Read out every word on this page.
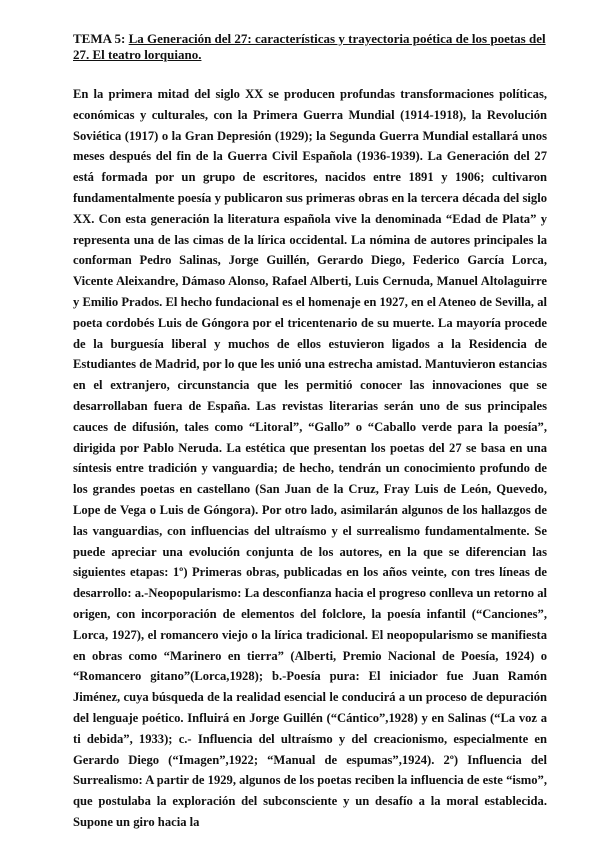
TEMA 5: La Generación del 27: características y trayectoria poética de los poetas del 27. El teatro lorquiano.

En la primera mitad del siglo XX se producen profundas transformaciones políticas, económicas y culturales, con la Primera Guerra Mundial (1914-1918), la Revolución Soviética (1917) o la Gran Depresión (1929); la Segunda Guerra Mundial estallará unos meses después del fin de la Guerra Civil Española (1936-1939). La Generación del 27 está formada por un grupo de escritores, nacidos entre 1891 y 1906; cultivaron fundamentalmente poesía y publicaron sus primeras obras en la tercera década del siglo XX. Con esta generación la literatura española vive la denominada “Edad de Plata” y representa una de las cimas de la lírica occidental. La nómina de autores principales la conforman Pedro Salinas, Jorge Guillén, Gerardo Diego, Federico García Lorca, Vicente Aleixandre, Dámaso Alonso, Rafael Alberti, Luis Cernuda, Manuel Altolaguirre y Emilio Prados. El hecho fundacional es el homenaje en 1927, en el Ateneo de Sevilla, al poeta cordobés Luis de Góngora por el tricentenario de su muerte. La mayoría procede de la burguesía liberal y muchos de ellos estuvieron ligados a la Residencia de Estudiantes de Madrid, por lo que les unió una estrecha amistad. Mantuvieron estancias en el extranjero, circunstancia que les permitió conocer las innovaciones que se desarrollaban fuera de España. Las revistas literarias serán uno de sus principales cauces de difusión, tales como “Litoral”, “Gallo” o “Caballo verde para la poesía”, dirigida por Pablo Neruda. La estética que presentan los poetas del 27 se basa en una síntesis entre tradición y vanguardia; de hecho, tendrán un conocimiento profundo de los grandes poetas en castellano (San Juan de la Cruz, Fray Luis de León, Quevedo, Lope de Vega o Luis de Góngora). Por otro lado, asimilarán algunos de los hallazgos de las vanguardias, con influencias del ultraísmo y el surrealismo fundamentalmente. Se puede apreciar una evolución conjunta de los autores, en la que se diferencian las siguientes etapas: 1º) Primeras obras, publicadas en los años veinte, con tres líneas de desarrollo: a.-Neopopularismo: La desconfianza hacia el progreso conlleva un retorno al origen, con incorporación de elementos del folclore, la poesía infantil (“Canciones”, Lorca, 1927), el romancero viejo o la lírica tradicional. El neopopularismo se manifiesta en obras como “Marinero en tierra” (Alberti, Premio Nacional de Poesía, 1924) o “Romancero gitano”(Lorca,1928); b.-Poesía pura: El iniciador fue Juan Ramón Jiménez, cuya búsqueda de la realidad esencial le conducirá a un proceso de depuración del lenguaje poético. Influirá en Jorge Guillén (“Cántico”,1928) y en Salinas (“La voz a ti debida”, 1933); c.- Influencia del ultraísmo y del creacionismo, especialmente en Gerardo Diego (“Imagen”,1922; “Manual de espumas”,1924). 2º) Influencia del Surrealismo: A partir de 1929, algunos de los poetas reciben la influencia de este “ismo”, que postulaba la exploración del subconsciente y un desafío a la moral establecida. Supone un giro hacia la
